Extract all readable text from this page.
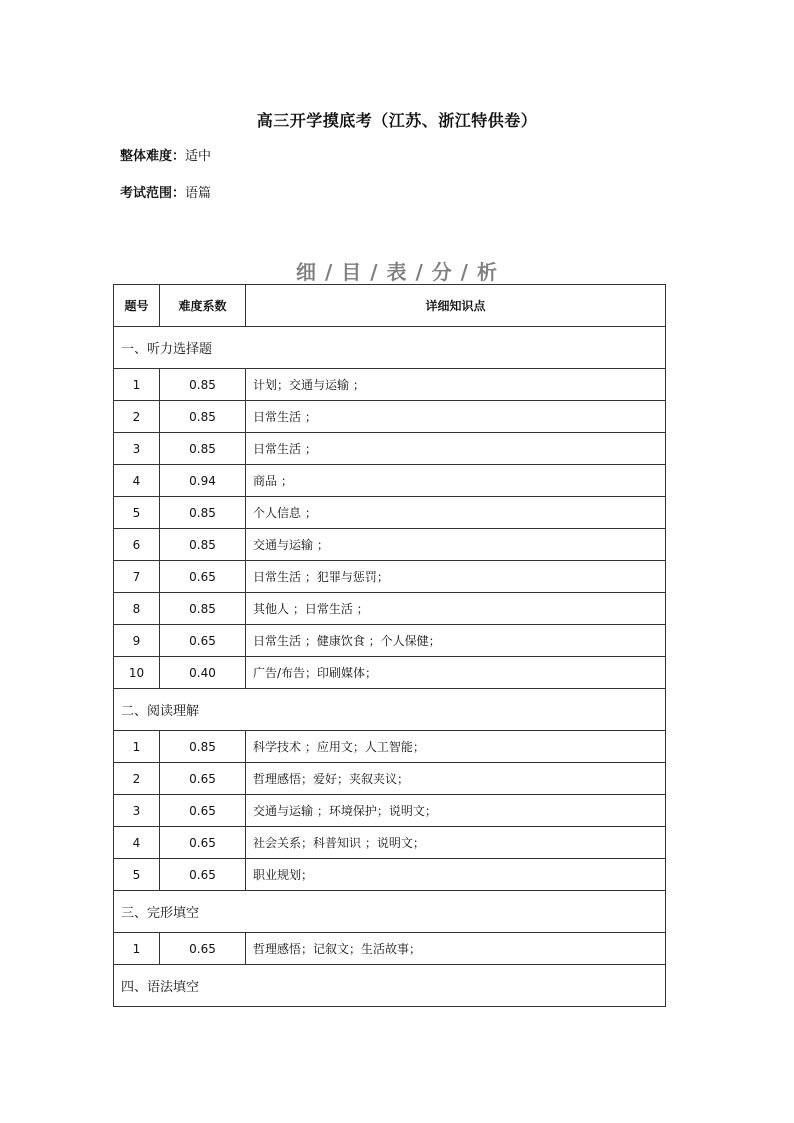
高三开学摸底考（江苏、浙江特供卷）
整体难度：适中
考试范围：语篇
细 / 目 / 表 / 分 / 析
题号	难度系数	详细知识点
一、听力选择题		
1	0.85	计划；交通与运输 ；
2	0.85	日常生活 ；
3	0.85	日常生活 ；
4	0.94	商品 ；
5	0.85	个人信息 ；
6	0.85	交通与运输 ；
7	0.65	日常生活 ；犯罪与惩罚；
8	0.85	其他人 ；日常生活 ；
9	0.65	日常生活 ；健康饮食 ；个人保健；
10	0.40	广告/布告；印刷媒体；
二、阅读理解		
1	0.85	科学技术 ；应用文；人工智能；
2	0.65	哲理感悟；爱好；夹叙夹议；
3	0.65	交通与运输 ；环境保护；说明文；
4	0.65	社会关系；科普知识 ；说明文；
5	0.65	职业规划；
三、完形填空		
1	0.65	哲理感悟；记叙文；生活故事；
四、语法填空		
